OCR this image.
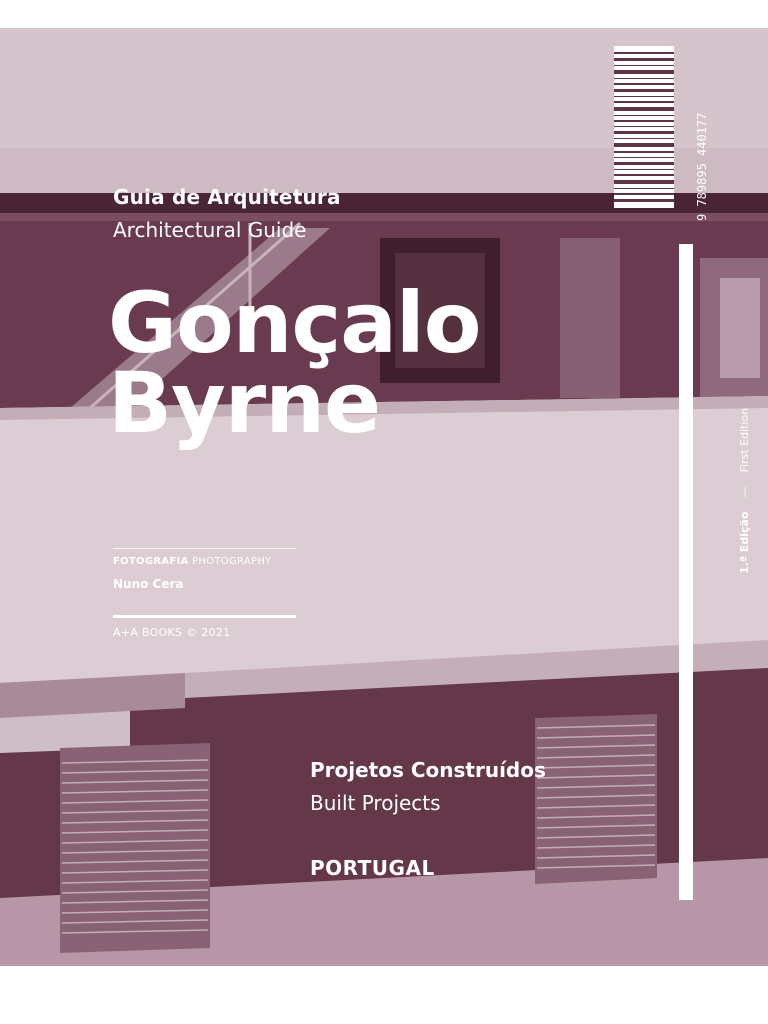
Guia de Arquitetura
Architectural Guide
Gonçalo
Byrne
FOTOGRAFIA PHOTOGRAPHY
Nuno Cera
A+A BOOKS © 2021
Projetos Construídos
Built Projects
PORTUGAL
1.ª Edição    —    First Edition
9 789895 440177
